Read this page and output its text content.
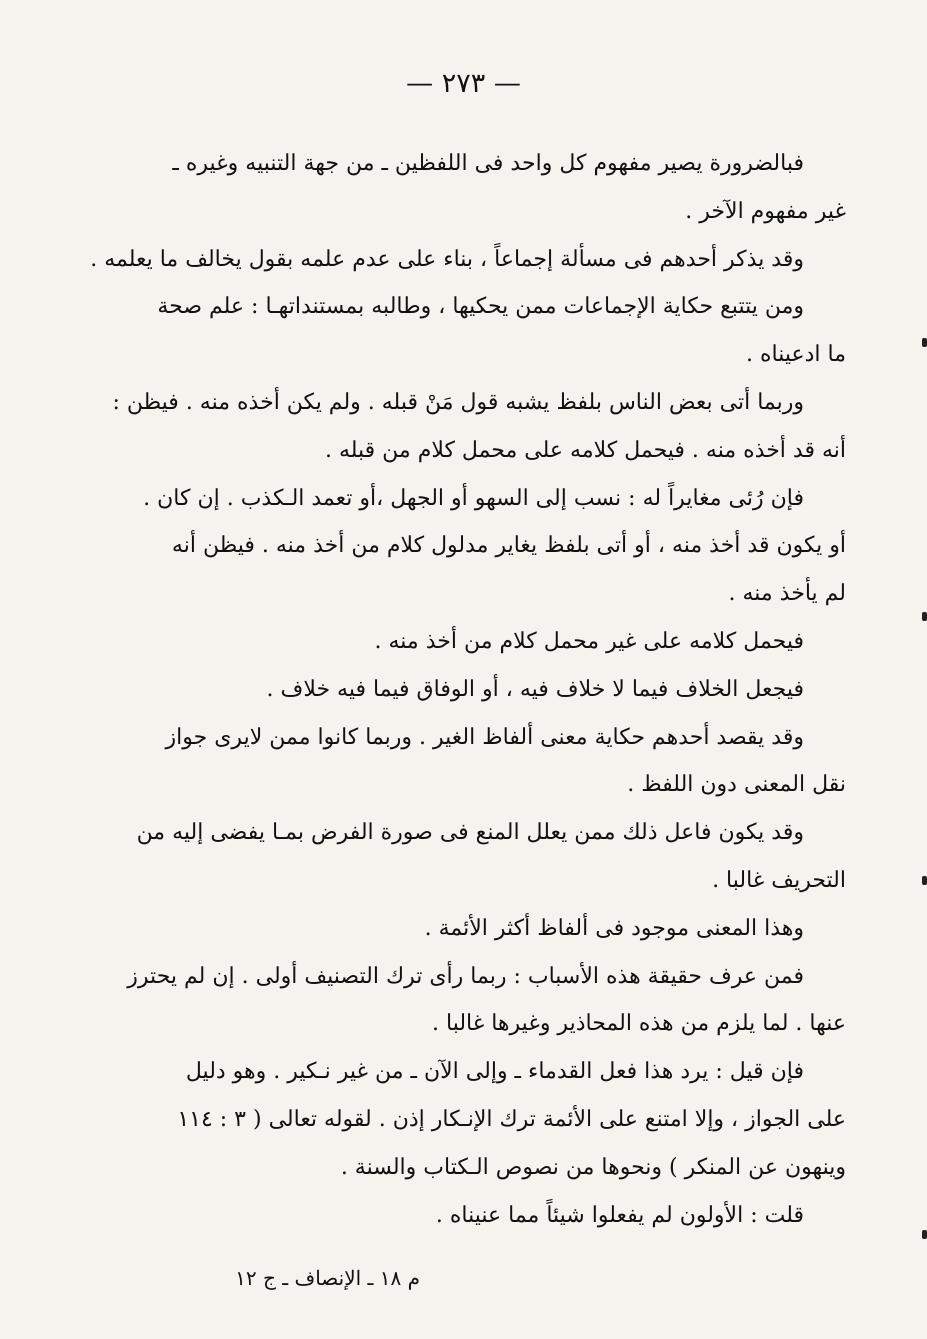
— ٢٧٣ —
فبالضرورة يصير مفهوم كل واحد فى اللفظين ـ من جهة التنبيه وغيره ـ
غير مفهوم الآخر .
وقد يذكر أحدهم فى مسألة إجماعاً ، بناء على عدم علمه بقول يخالف ما يعلمه .
ومن يتتبع حكاية الإجماعات ممن يحكيها ، وطالبه بمستنداتهـا : علم صحة
ما ادعيناه .
وربما أتى بعض الناس بلفظ يشبه قول مَنْ قبله . ولم يكن أخذه منه . فيظن :
أنه قد أخذه منه . فيحمل كلامه على محمل كلام من قبله .
فإن رُئى مغايراً له : نسب إلى السهو أو الجهل ،أو تعمد الـكذب . إن كان .
أو يكون قد أخذ منه ، أو أتى بلفظ يغاير مدلول كلام من أخذ منه . فيظن أنه
لم يأخذ منه .
فيحمل كلامه على غير محمل كلام من أخذ منه .
فيجعل الخلاف فيما لا خلاف فيه ، أو الوفاق فيما فيه خلاف .
وقد يقصد أحدهم حكاية معنى ألفاظ الغير . وربما كانوا ممن لايرى جواز
نقل المعنى دون اللفظ .
وقد يكون فاعل ذلك ممن يعلل المنع فى صورة الفرض بمـا يفضى إليه من
التحريف غالبا .
وهذا المعنى موجود فى ألفاظ أكثر الأئمة .
فمن عرف حقيقة هذه الأسباب : ربما رأى ترك التصنيف أولى . إن لم يحترز
عنها . لما يلزم من هذه المحاذير وغيرها غالبا .
فإن قيل : يرد هذا فعل القدماء ـ وإلى الآن ـ من غير نـكير . وهو دليل
على الجواز ، وإلا امتنع على الأئمة ترك الإنـكار إذن . لقوله تعالى ( ٣ : ١١٤
وينهون عن المنكر ) ونحوها من نصوص الـكتاب والسنة .
قلت : الأولون لم يفعلوا شيئاً مما عنيناه .
م ١٨ ـ الإنصاف ـ ج ١٢
